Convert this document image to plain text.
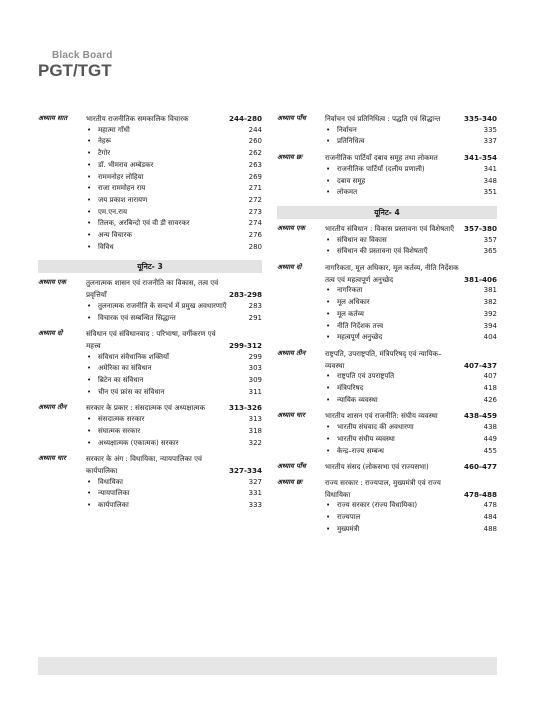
Black Board
PGT/TGT
अध्याय सात	भारतीय राजनीतिक समकालिक विचारक	244-280
• महात्मा गाँधी	244
• नेहरू	260
• टैगोर	262
• डॉ. भीमराव अम्बेडकर	263
• राममनोहर लोहिया	269
• राजा राममोहन राय	271
• जय प्रकाश नारायण	272
• एम.एन.राय	273
• तिलक, अरबिन्दो एवं वी डी सावरकर	274
• अन्य विचारक	276
• विविध	280
यूनिट- 3
अध्याय एक	तुलनात्मक शासन एवं राजनीति का विकास, तत्व एवं प्रवृत्तियाँ	283-298
• तुलनात्मक राजनीति के सन्दर्भ में प्रमुख अवधारणाएँ	283
• विचारक एवं सम्बन्धित सिद्धान्त	291
अध्याय दो	संविधान एवं संविधानवाद : परिभाषा, वर्गीकरण एवं महत्त्व	299-312
• संविधान संवैधानिक शक्तियाँ	299
• अमेरिका का संविधान	303
• ब्रिटेन का संविधान	309
• चीन एवं फ्रांस का संविधान	311
अध्याय तीन	सरकार के प्रकार : संसदात्मक एवं अध्यक्षात्मक	313-326
• संसदात्मक सरकार	313
• संघात्मक सरकार	318
• अध्यक्षात्मक (एकात्मक) सरकार	322
अध्याय चार	सरकार के अंग : विधायिका, न्यायपालिका एवं कार्यपालिका	327-334
• विधायिका	327
• न्यायपालिका	331
• कार्यपालिका	333
अध्याय पाँच	निर्वाचन एवं प्रतिनिधित्व : पद्धति एवं सिद्धान्त	335-340
• निर्वाचन	335
• प्रतिनिधित्व	337
अध्याय छः	राजनीतिक पार्टियाँ दबाव समूह तथा लोकमत	341-354
• राजनीतिक पार्टियाँ (दलीय प्रणाली)	341
• दबाव समूह	348
• लोकमत	351
यूनिट- 4
अध्याय एक	भारतीय संविधान : विकास प्रस्तावना एवं विशेषताएँ	357-380
• संविधान का विकास	357
• संविधान की प्रस्तावना एवं विशेषताएँ	365
अध्याय दो	नागरिकता, मूल अधिकार, मूल कर्तव्य, नीति निर्देशक तत्व एवं महत्वपूर्ण अनुच्छेद	381-406
• नागरिकता	381
• मूल अधिकार	382
• मूल कर्तव्य	392
• नीति निर्देशक तत्त्व	394
• महत्वपूर्ण अनुच्छेद	404
अध्याय तीन	राष्ट्रपति, उपराष्ट्रपति, मंत्रिपरिषद् एवं न्यायिक–व्यवस्था	407-437
• राष्ट्रपति एवं उपराष्ट्रपति	407
• मंत्रिपरिषद	418
• न्यायिक व्यवस्था	426
अध्याय चार	भारतीय शासन एवं राजनीति: संघीय व्यवस्था	438-459
• भारतीय संघवाद की अवधारणा	438
• भारतीय संघीय व्यवस्था	449
• केन्द्र–राज्य सम्बन्ध	455
अध्याय पाँच	भारतीय संसद (लोकसभा एवं राज्यसभा)	460-477
अध्याय छः	राज्य सरकार : राज्यपाल, मुख्यमंत्री एवं राज्य विधायिका	478-488
• राज्य सरकार (राज्य विधायिका)	478
• राज्यपाल	484
• मुख्यमंत्री	488
